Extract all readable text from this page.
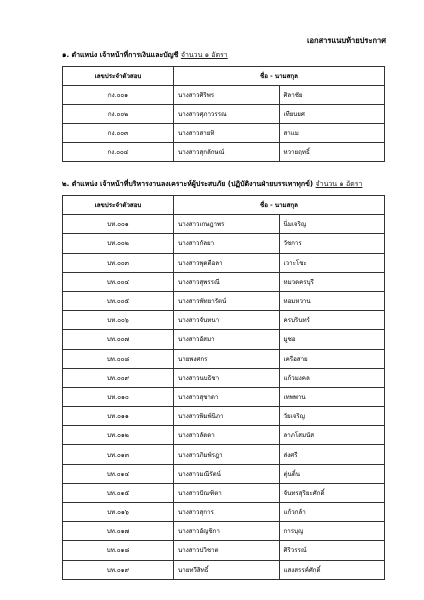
เอกสารแนบท้ายประกาศ
๑. ตำแหน่ง เจ้าหน้าที่การเงินและบัญชี จำนวน ๑ อัตรา
เลขประจำตัวสอบ	ชื่อ - นามสกุล	
กง.๐๐๑	นางสาวศิริพร	ศิลาชัย
กง.๐๐๒	นางสาวศุภาวรรณ	เทียบยศ
กง.๐๐๓	นางสาวสายทิ	สาแม
กง.๐๐๔	นางสาวสุกลักษณ์	หวายฤทธิ์
๒. ตำแหน่ง เจ้าหน้าที่บริหารงานลงเคราะห์ผู้ประสบภัย (ปฏิบัติงานฝ่ายบรรเทาทุกข์) จำนวน ๑ อัตรา
เลขประจำตัวสอบ	ชื่อ - นามสกุล	
บท.๐๐๑	นางสาวเกษฎาพร	นิ่มเจริญ
บท.๐๐๒	นางสาวกัลยา	วัชการ
บท.๐๐๓	นางสาวพุดตีอลา	เวาะโชะ
บท.๐๐๔	นางสาวสุพรรณี	หมวดครบุรี
บท.๐๐๕	นางสาวพัทยารัตน์	หอมหวาน
บท.๐๐๖	นางสาวจันทนา	ครบรินทร์
บท.๐๐๗	นางสาวอัสมา	มูซอ
บท.๐๐๘	นายพงศกร	เครือสาย
บท.๐๐๙	นางสาวนบธิชา	แก้วมงคล
บท.๐๑๐	นางสาวสุชาดา	เทพพาน
บท.๐๑๑	นางสาวพิมพ์นิภา	วัยเจริญ
บท.๐๑๒	นางสาวลัดดา	ลาภโสมนัส
บท.๐๑๓	นางสาวภิมพ์รฎา	ส่งศรี
บท.๐๑๔	นางสาวมณีรัตน์	ตุ่นดิ้น
บท.๐๑๕	นางสาวปัณฑิตา	จันทรสุริยะศักดิ์
บท.๐๑๖	นางสาวสุการ	แก้วกล้า
บท.๐๑๗	นางสาวอัญชิกา	การบุญ
บท.๐๑๘	นางสาวปวิชาต	ศิริวรรณ์
บท.๐๑๙	นายทวีสิทธิ์	แสงสรรค์ศักดิ์
